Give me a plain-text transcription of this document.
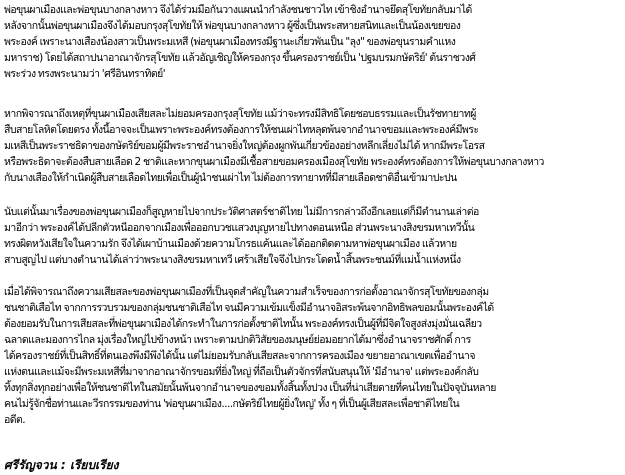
พ่อขุนผาเมืองและพ่อขุนบางกลางหาว จึงได้ร่วมมือกันวางแผนนำกำลังชนชาวไท เข้าชิงอำนาจยึดสุโขทัยกลับมาได้
หลังจากนั้นพ่อขุนผาเมืองจึงได้มอบกรุงสุโขทัยให้ พ่อขุนบางกลางหาว ผู้ซึ่งเป็นพระสหายสนิทและเป็นน้องเขยของ
พระองค์ เพราะนางเสืองน้องสาวเป็นพระมเหสี (พ่อขุนผาเมืองทรงมีฐานะเกี่ยวพันเป็น "ลุง" ของพ่อขุนรามคำแหง
มหาราช) โดยได้สถาปนาอาณาจักรสุโขทัย แล้วอัญเชิญให้ครองกรุง ขึ้นครองราชย์เป็น 'ปฐมบรมกษัตริย์' ต้นราชวงศ์
พระร่วง ทรงพระนามว่า 'ศรีอินทราทิตย์'
หากพิจารณาถึงเหตุที่ขุนผาเมืองเสียสละไม่ยอมครองกรุงสุโขทัย แม้ว่าจะทรงมีสิทธิโดยชอบธรรมและเป็นรัชทายาทผู้
สืบสายโลหิตโดยตรง ทั้งนี้อาจจะเป็นเพราะพระองค์ทรงต้องการให้ชนเผ่าไทหลุดพ้นจากอำนาจขอมและพระองค์มีพระ
มเหสีเป็นพระราชธิดาของกษัตริย์ขอมผู้มีพระราชอำนาจยิ่งใหญ่ต้องผูกพันเกี่ยวข้องอย่างหลีกเลี่ยงไม่ได้ หากมีพระโอรส
หรือพระธิดาจะต้องสืบสายเลือด 2 ชาติและหากขุนผาเมืองมีเชื้อสายขอมครองเมืองสุโขทัย พระองค์ทรงต้องการให้พ่อขุนบางกลางหาว
กับนางเสืองให้กำเนิดผู้สืบสายเลือดไทยเพื่อเป็นผู้นำชนเผ่าไท ไม่ต้องการทายาทที่มีสายเลือดชาติอื่นเข้ามาปะปน
นับแต่นั้นมาเรื่องของพ่อขุนผาเมืองก็สูญหายไปจากประวัติศาสตร์ชาติไทย ไม่มีการกล่าวถึงอีกเลยแต่ก็มีตำนานเล่าต่อ
มาอีกว่า พระองค์ได้ปลีกตัวหนีออกจากเมืองเพื่อออกบวชแสวงบุญหายไปทางตอนเหนือ ส่วนพระนางสิงขรมหาเทวีนั้น
ทรงผิดหวังเสียใจในความรัก จึงได้เผาบ้านเมืองด้วยความโกรธแค้นและได้ออกติดตามหาพ่อขุนผาเมือง แล้วหาย
สาบสูญไป แต่บางตำนานได้เล่าว่าพระนางสิงขรมหาเทวี เศร้าเสียใจจึงไปกระโดดน้ำสิ้นพระชนม์ที่แม่น้ำแห่งหนึ่ง
เมื่อได้พิจารณาถึงความเสียสละของพ่อขุนผาเมืองที่เป็นจุดสำคัญในความสำเร็จของการก่อตั้งอาณาจักรสุโขทัยของกลุ่ม
ชนชาติเสือไท จากการรวบรวมของกลุ่มชนชาติเสือไท จนมีความเข้มแข็งมีอำนาจอิสระพ้นจากอิทธิพลขอมนั้นพระองค์ได้
ต้องยอมรับในการเสียสละที่พ่อขุนผาเมืองได้กระทำในการก่อตั้งชาติไทนั้น พระองค์ทรงเป็นผู้ที่มีจิตใจสูงส่งมุ่งมั่นเฉลียว
ฉลาดและมองการไกล มุ่งเรื่องใหญ่ไปข้างหน้า เพราะตามปกติวิสัยของมนุษย์ย่อมอยากได้มาซึ่งอำนาจราชศักดิ์ การ
ได้ครองราชย์ที่เป็นสิทธิ์ที่ตนเองพึงมีพึงได้นั้น แต่ไม่ยอมรับกลับเสียสละจากการครองเมือง ขยายอาณาเขตเพื่ออำนาจ
แห่งตนและแม้จะมีพระมเหสีที่มาจากอาณาจักรขอมที่ยิ่งใหญ่ ที่ถือเป็นตัวจักรที่สนับสนุนให้ 'มีอำนาจ' แต่พระองค์กลับ
ทิ้งทุกสิ่งทุกอย่างเพื่อให้ชนชาติไทในสมัยนั้นพ้นจากอำนาจของขอมทั้งสิ้นทั้งปวง เป็นที่น่าเสียดายที่คนไทยในปัจจุบันหลาย
คนไม่รู้จักชื่อท่านและวีรกรรมของท่าน 'พ่อขุนผาเมือง....กษัตริย์ไทยผู้ยิ่งใหญ่' ทั้ง ๆ ที่เป็นผู้เสียสละเพื่อชาติไทยใน
อดีต.

ศรีรัญจวน : เรียบเรียง
